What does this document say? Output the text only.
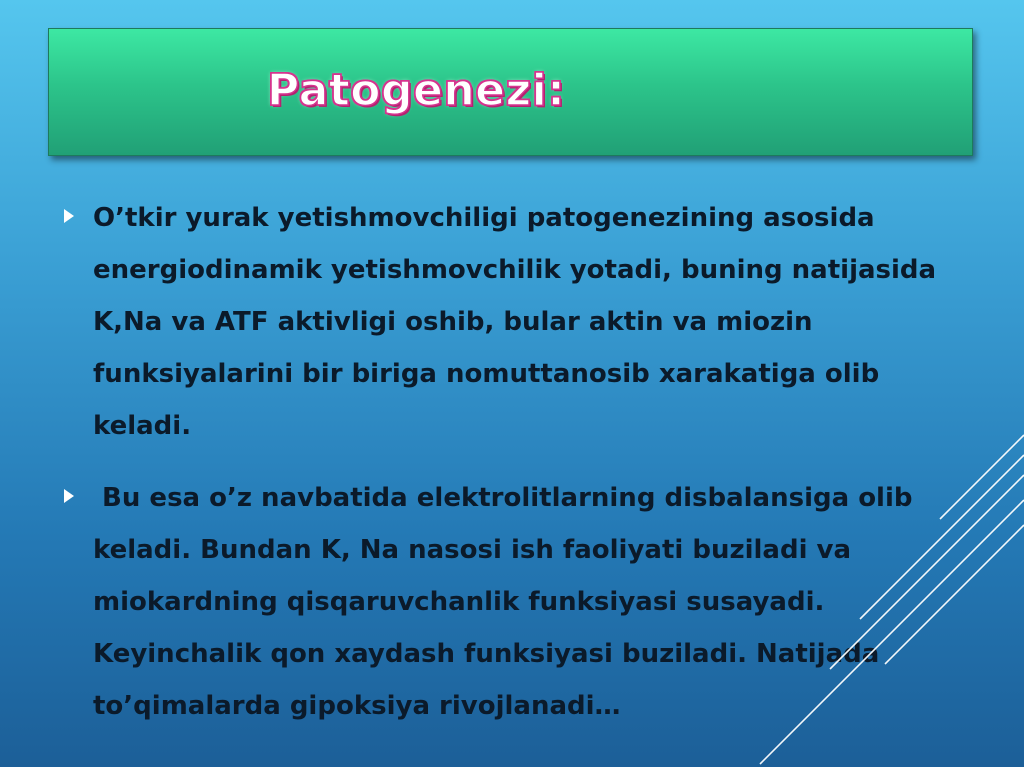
Patogenezi:
O’tkir yurak yetishmovchiligi patogenezining asosida
energiodinamik yetishmovchilik yotadi, buning natijasida
K,Na va ATF aktivligi oshib, bular aktin va miozin
funksiyalarini bir biriga nomuttanosib xarakatiga olib
keladi.
Bu esa o’z navbatida elektrolitlarning disbalansiga olib
keladi. Bundan K, Na nasosi ish faoliyati buziladi va
miokardning qisqaruvchanlik funksiyasi susayadi.
Keyinchalik qon xaydash funksiyasi buziladi. Natijada
to’qimalarda gipoksiya rivojlanadi…
